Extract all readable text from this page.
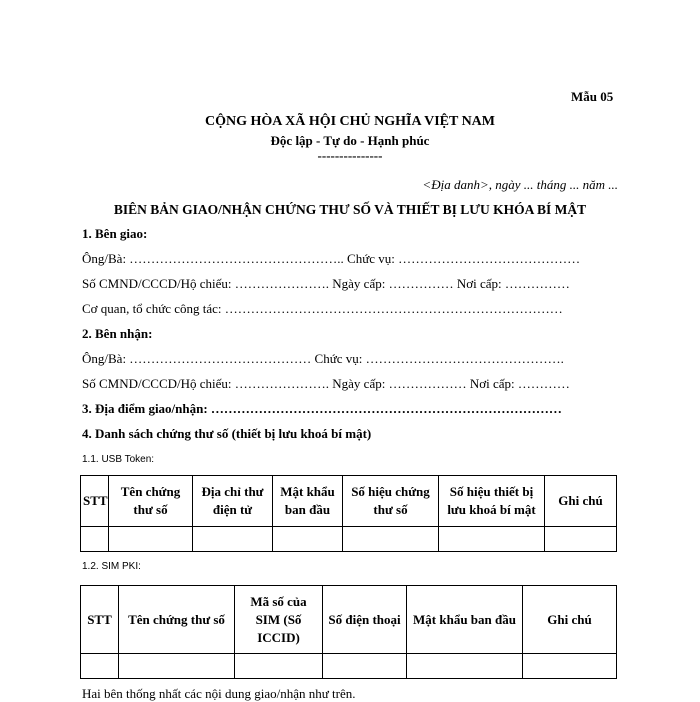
Mẫu 05
CỘNG HÒA XÃ HỘI CHỦ NGHĨA VIỆT NAM
Độc lập - Tự do - Hạnh phúc
---------------
<Địa danh>, ngày ... tháng ... năm ...
BIÊN BẢN GIAO/NHẬN CHỨNG THƯ SỐ VÀ THIẾT BỊ LƯU KHÓA BÍ MẬT
1. Bên giao:
Ông/Bà: ………………………………………….. Chức vụ: ……………………………………
Số CMND/CCCD/Hộ chiếu: …………………. Ngày cấp: …………… Nơi cấp: ……………
Cơ quan, tổ chức công tác: ……………………………………………………………………
2. Bên nhận:
Ông/Bà: …………………………………… Chức vụ: ……………………………………….
Số CMND/CCCD/Hộ chiếu: …………………. Ngày cấp: ……………… Nơi cấp: …………
3. Địa điểm giao/nhận: ………………………………………………………………………
4. Danh sách chứng thư số (thiết bị lưu khoá bí mật)
1.1. USB Token:
STT	Tên chứng thư số	Địa chỉ thư điện tử	Mật khẩu ban đầu	Số hiệu chứng thư số	Số hiệu thiết bị lưu khoá bí mật	Ghi chú

1.2. SIM PKI:
STT	Tên chứng thư số	Mã số của SIM (Số ICCID)	Số điện thoại	Mật khẩu ban đầu	Ghi chú

Hai bên thống nhất các nội dung giao/nhận như trên.
